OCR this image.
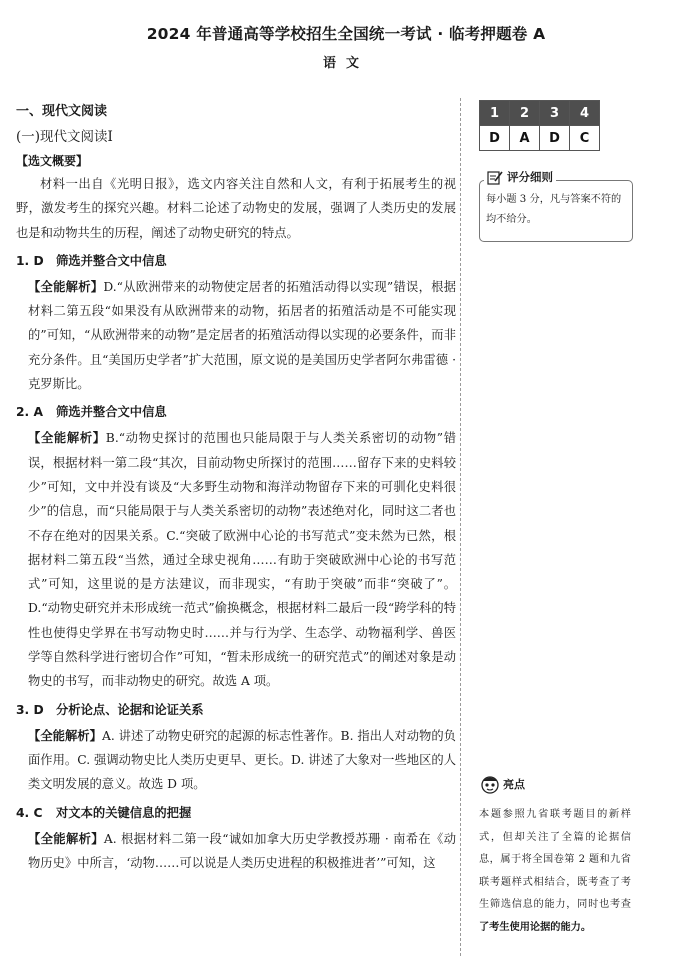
2024 年普通高等学校招生全国统一考试 · 临考押题卷 A
语文
一、现代文阅读
(一)现代文阅读Ⅰ
【选文概要】

材料一出自《光明日报》，选文内容关注自然和人文，有利于拓展考生的视野，激发考生的探究兴趣。材料二论述了动物史的发展，强调了人类历史的发展也是和动物共生的历程，阐述了动物史研究的特点。

1. D 筛选并整合文中信息

【全能解析】D.“从欧洲带来的动物使定居者的拓殖活动得以实现”错误，根据材料二第五段“如果没有从欧洲带来的动物，拓居者的拓殖活动是不可能实现的”可知，“从欧洲带来的动物”是定居者的拓殖活动得以实现的必要条件，而非充分条件。且“美国历史学者”扩大范围，原文说的是美国历史学者阿尔弗雷德 · 克罗斯比。

2. A 筛选并整合文中信息

【全能解析】B.“动物史探讨的范围也只能局限于与人类关系密切的动物”错误，根据材料一第二段“其次，目前动物史所探讨的范围……留存下来的史料较少”可知，文中并没有谈及“大多野生动物和海洋动物留存下来的可驯化史料很少”的信息，而“只能局限于与人类关系密切的动物”表述绝对化，同时这二者也不存在绝对的因果关系。C.“突破了欧洲中心论的书写范式”变未然为已然，根据材料二第五段“当然，通过全球史视角……有助于突破欧洲中心论的书写范式”可知，这里说的是方法建议，而非现实，“有助于突破”而非“突破了”。D.“动物史研究并未形成统一范式”偷换概念，根据材料二最后一段“跨学科的特性也使得史学界在书写动物史时……并与行为学、生态学、动物福利学、兽医学等自然科学进行密切合作”可知，“暂未形成统一的研究范式”的阐述对象是动物史的书写，而非动物史的研究。故选 A 项。

3. D 分析论点、论据和论证关系

【全能解析】A. 讲述了动物史研究的起源的标志性著作。B. 指出人对动物的负面作用。C. 强调动物史比人类历史更早、更长。D. 讲述了大象对一些地区的人类文明发展的意义。故选 D 项。

4. C 对文本的关键信息的把握

【全能解析】A. 根据材料二第一段“诚如加拿大历史学教授苏珊 · 南希在《动物历史》中所言，‘动物……可以说是人类历史进程的积极推进者’”可知，这

1	2	3	4
D	A	D	C
评分细则
每小题 3 分，凡与答案不符的均不给分。
亮点
本题参照九省联考题目的新样式，但却关注了全篇的论据信息，属于将全国卷第 2 题和九省联考题样式相结合，既考查了考生筛选信息的能力，同时也考查了考生使用论据的能力。
